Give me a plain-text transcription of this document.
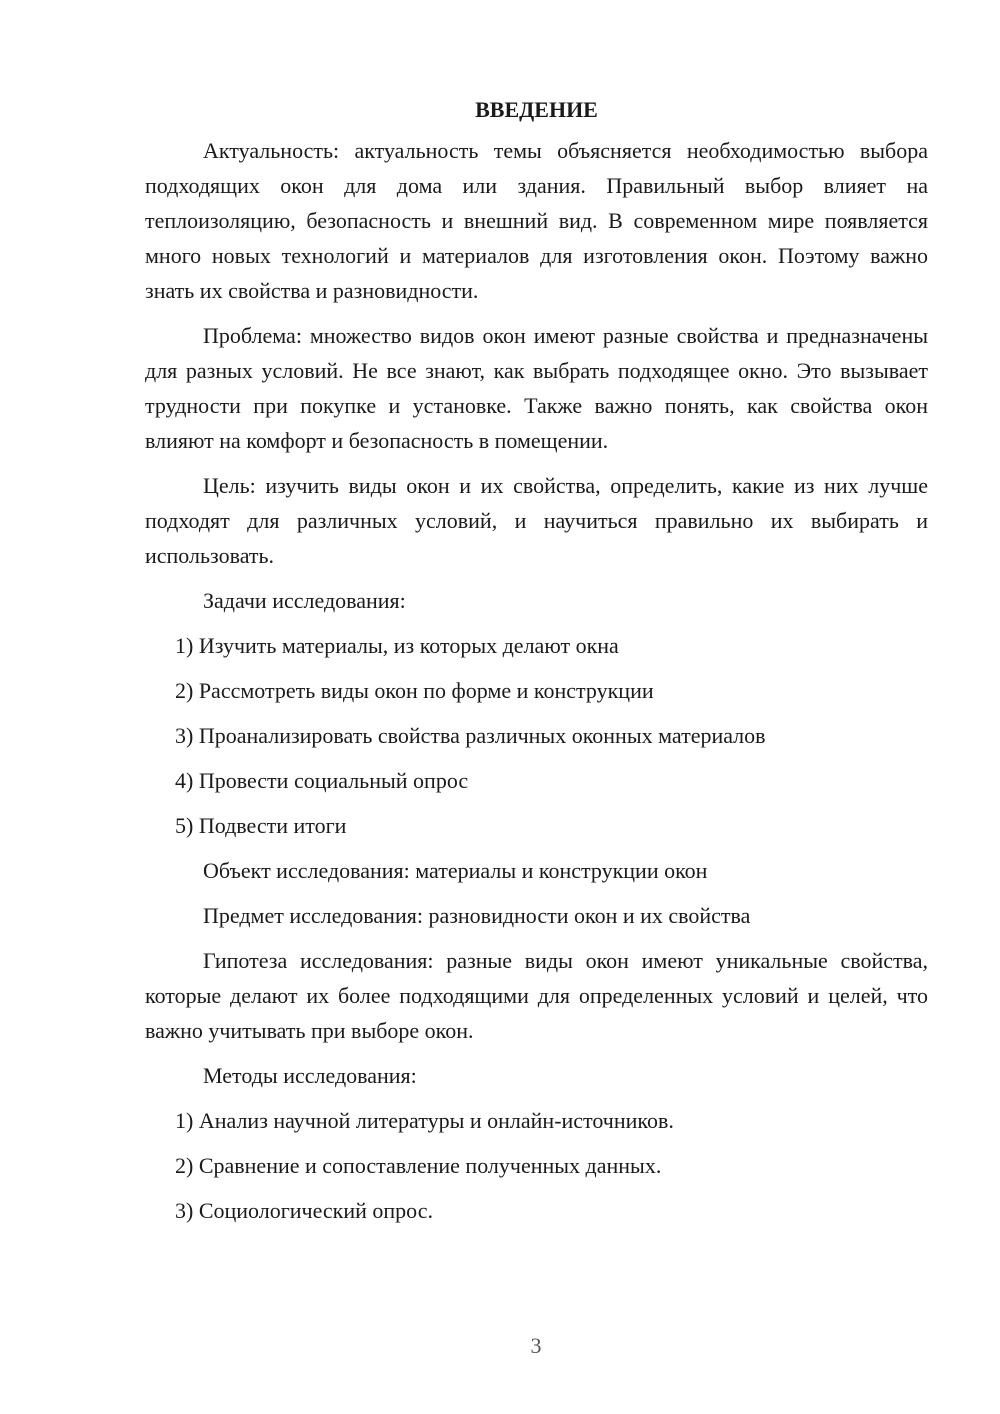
ВВЕДЕНИЕ

Актуальность: актуальность темы объясняется необходимостью выбора подходящих окон для дома или здания. Правильный выбор влияет на теплоизоляцию, безопасность и внешний вид. В современном мире появляется много новых технологий и материалов для изготовления окон. Поэтому важно знать их свойства и разновидности.

Проблема: множество видов окон имеют разные свойства и предназначены для разных условий. Не все знают, как выбрать подходящее окно. Это вызывает трудности при покупке и установке. Также важно понять, как свойства окон влияют на комфорт и безопасность в помещении.

Цель: изучить виды окон и их свойства, определить, какие из них лучше подходят для различных условий, и научиться правильно их выбирать и использовать.

Задачи исследования:
1) Изучить материалы, из которых делают окна
2) Рассмотреть виды окон по форме и конструкции
3) Проанализировать свойства различных оконных материалов
4) Провести социальный опрос
5) Подвести итоги
Объект исследования: материалы и конструкции окон
Предмет исследования: разновидности окон и их свойства

Гипотеза исследования: разные виды окон имеют уникальные свойства, которые делают их более подходящими для определенных условий и целей, что важно учитывать при выборе окон.

Методы исследования:
1) Анализ научной литературы и онлайн-источников.
2) Сравнение и сопоставление полученных данных.
3) Социологический опрос.
3
